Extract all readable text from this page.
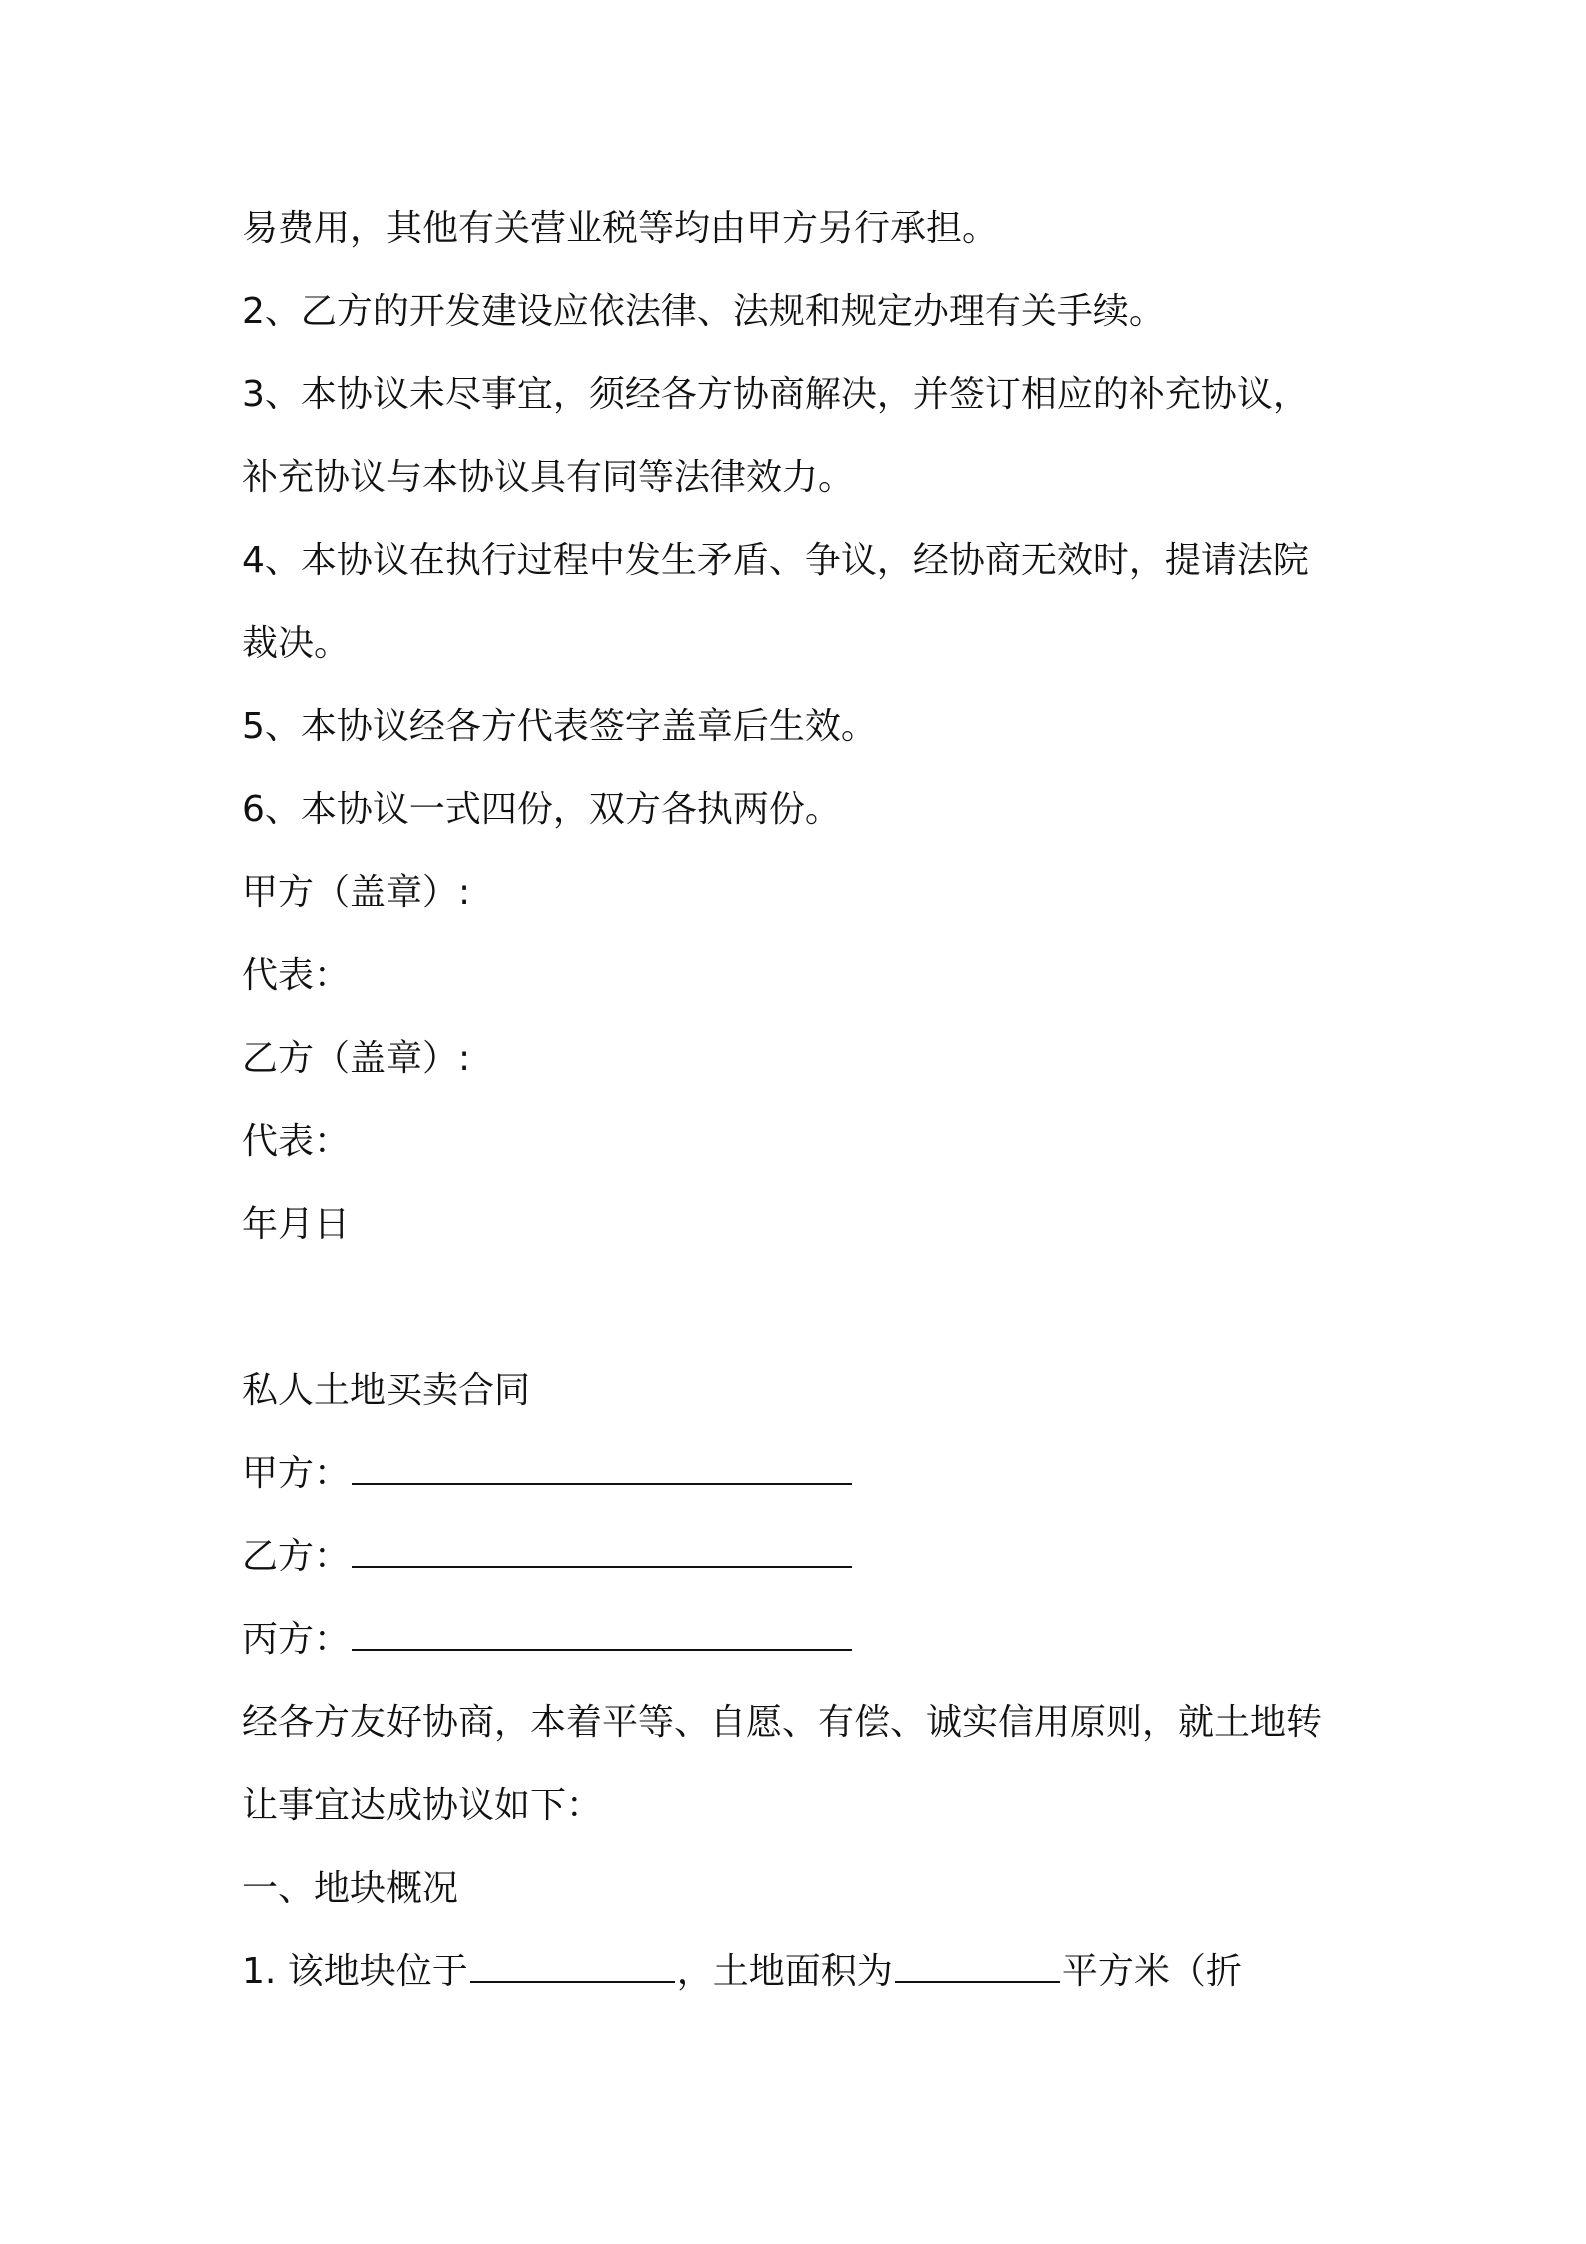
易费用，其他有关营业税等均由甲方另行承担。
2、乙方的开发建设应依法律、法规和规定办理有关手续。
3、本协议未尽事宜，须经各方协商解决，并签订相应的补充协议，
补充协议与本协议具有同等法律效力。
4、本协议在执行过程中发生矛盾、争议，经协商无效时，提请法院
裁决。
5、本协议经各方代表签字盖章后生效。
6、本协议一式四份，双方各执两份。
甲方（盖章）:
代表：
乙方（盖章）:
代表：
年月日
私人土地买卖合同
甲方：
乙方：
丙方：
经各方友好协商，本着平等、自愿、有偿、诚实信用原则，就土地转
让事宜达成协议如下：
一、地块概况
1. 该地块位于	，土地面积为	平方米（折
